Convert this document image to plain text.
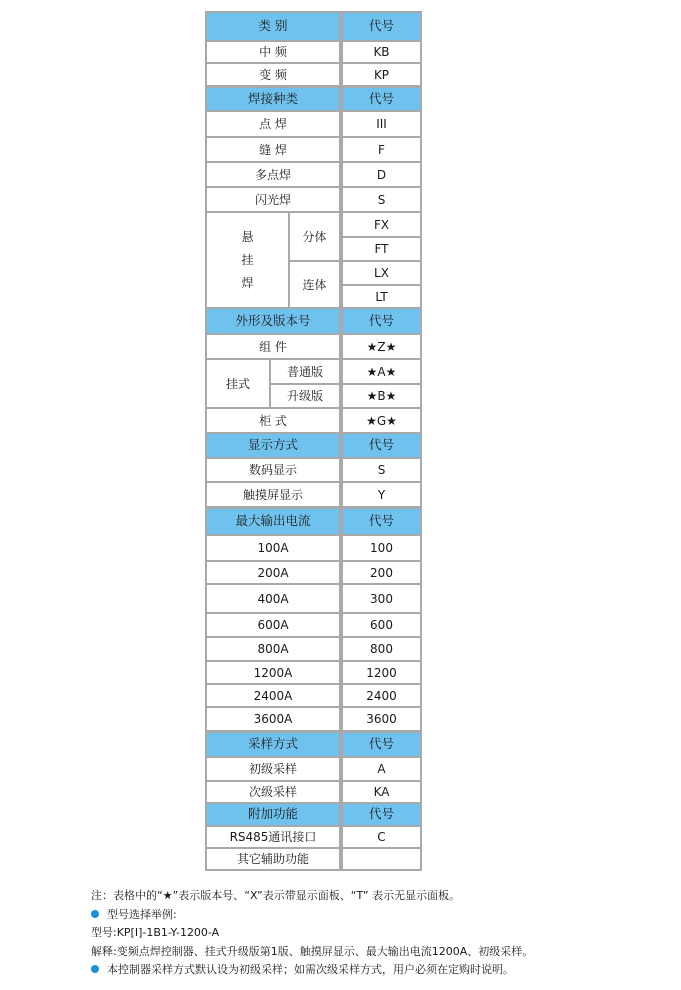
类 别
中 频
变 频
焊接种类
点 焊
缝 焊
多点焊
闪光焊
外形及版本号
组 件
柜 式
显示方式
数码显示
触摸屏显示
最大输出电流
100A
200A
400A
600A
800A
1200A
2400A
3600A
采样方式
初级采样
次级采样
附加功能
RS485通讯接口
其它辅助功能
代号
KB
KP
代号
III
F
D
S
FX
FT
LX
LT
代号
★Z★
★A★
★B★
★G★
代号
S
Y
代号
100
200
300
600
800
1200
2400
3600
代号
A
KA
代号
C
悬
挂
焊
分体
连体
挂式
普通版
升级版
注：表格中的“★”表示版本号、“X”表示带显示面板、“T” 表示无显示面板。
型号选择举例:
型号:KP[I]-1B1-Y-1200-A
解释:变频点焊控制器、挂式升级版第1版、触摸屏显示、最大输出电流1200A、初级采样。
本控制器采样方式默认设为初级采样；如需次级采样方式，用户必须在定购时说明。
